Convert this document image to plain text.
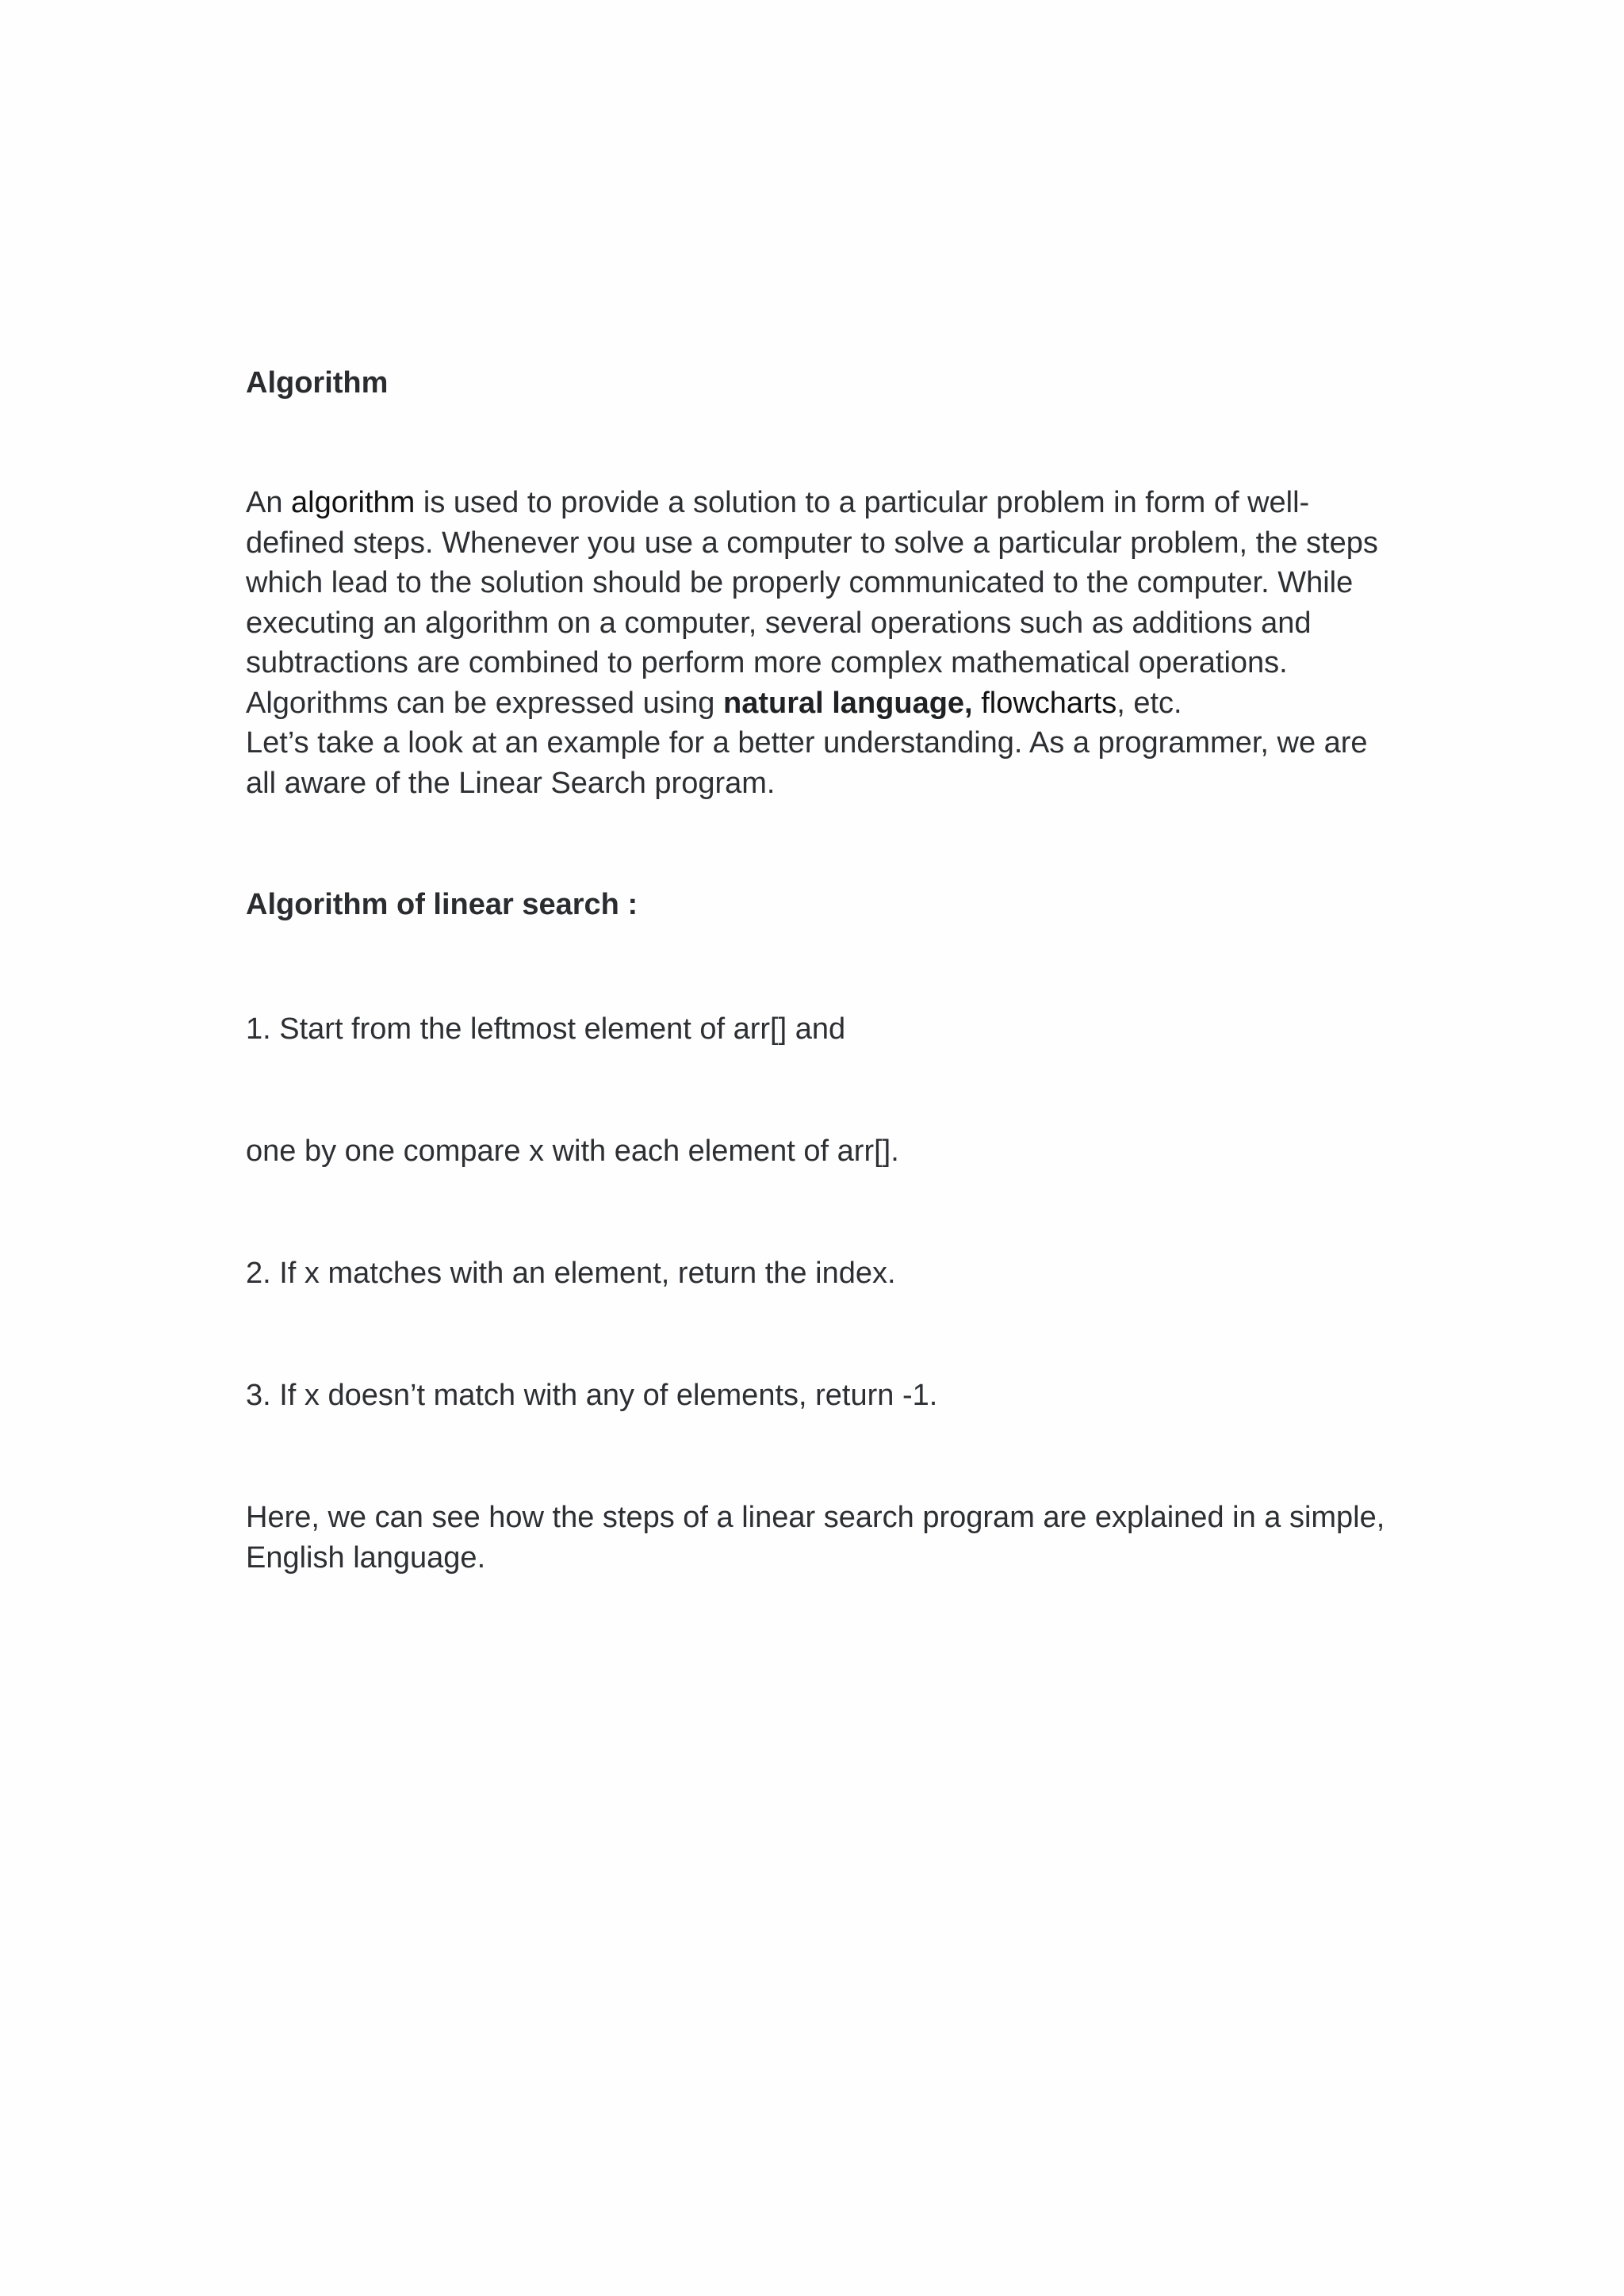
Algorithm

An algorithm is used to provide a solution to a particular problem in form of well-defined steps. Whenever you use a computer to solve a particular problem, the steps which lead to the solution should be properly communicated to the computer. While executing an algorithm on a computer, several operations such as additions and subtractions are combined to perform more complex mathematical operations. Algorithms can be expressed using natural language, flowcharts, etc.

Let’s take a look at an example for a better understanding. As a programmer, we are all aware of the Linear Search program.

Algorithm of linear search :

1. Start from the leftmost element of arr[] and

one by one compare x with each element of arr[].

2. If x matches with an element, return the index.

3. If x doesn’t match with any of elements, return -1.

Here, we can see how the steps of a linear search program are explained in a simple, English language.
